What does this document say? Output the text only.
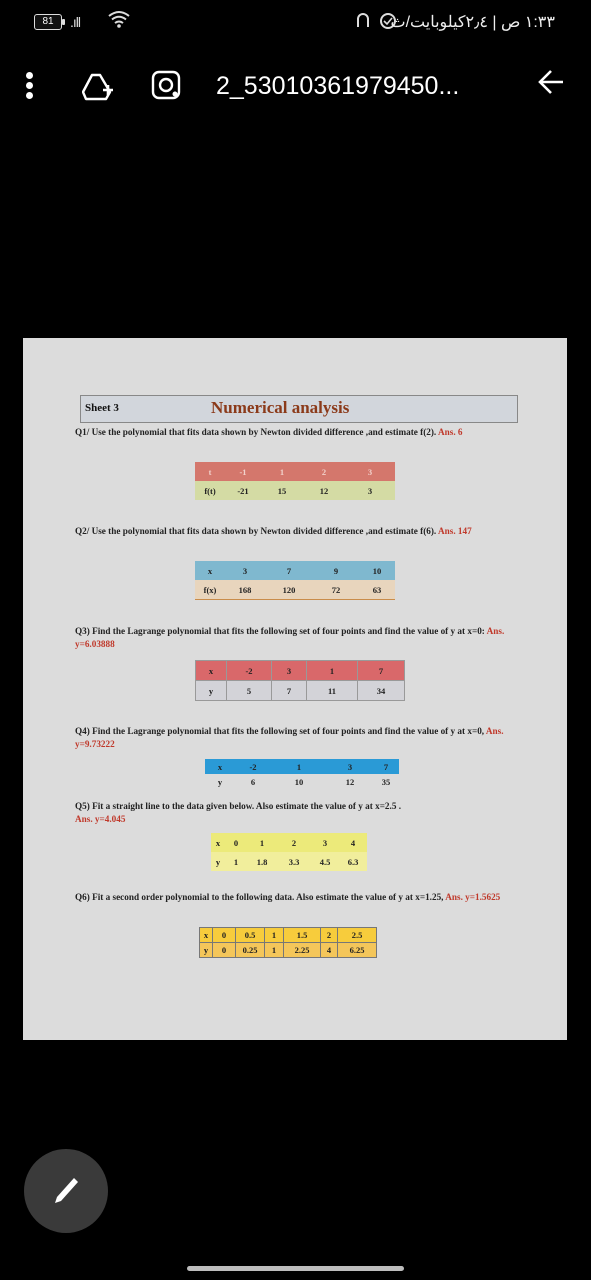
81	.ıll	١:٣٣ ص | ٢٫٤كيلوبايت/ث
2_53010361979450...
Sheet 3	Numerical analysis
Q1/ Use the polynomial that fits data shown by Newton divided difference ,and estimate f(2). Ans. 6
t	-1	1	2	3
f(t)	-21	15	12	3
Q2/ Use the polynomial that fits data shown by Newton divided difference ,and estimate f(6). Ans. 147
x	3	7	9	10
f(x)	168	120	72	63
Q3) Find the Lagrange polynomial that fits the following set of four points and find the value of y at x=0: Ans. y=6.03888
x	-2	3	1	7
y	5	7	11	34
Q4) Find the Lagrange polynomial that fits the following set of four points and find the value of y at x=0, Ans. y=9.73222
x	-2	1	3	7
y	6	10	12	35
Q5) Fit a straight line to the data given below. Also estimate the value of y at x=2.5 .
Ans. y=4.045
x	0	1	2	3	4
y	1	1.8	3.3	4.5	6.3
Q6) Fit a second order polynomial to the following data. Also estimate the value of y at x=1.25, Ans. y=1.5625
x	0	0.5	1	1.5	2	2.5
y	0	0.25	1	2.25	4	6.25
